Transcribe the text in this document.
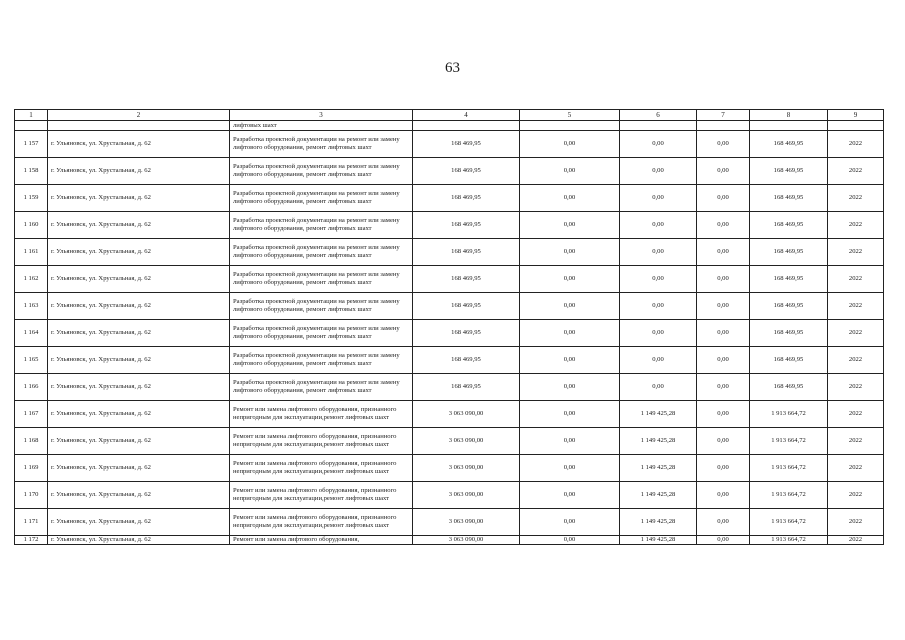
63
1	2	3	4	5	6	7	8	9
		лифтовых шахт						
1 157	г. Ульяновск, ул. Хрустальная, д. 62	Разработка проектной документации на ремонт или замену лифтового оборудования, ремонт лифтовых шахт	168 469,95	0,00	0,00	0,00	168 469,95	2022
1 158	г. Ульяновск, ул. Хрустальная, д. 62	Разработка проектной документации на ремонт или замену лифтового оборудования, ремонт лифтовых шахт	168 469,95	0,00	0,00	0,00	168 469,95	2022
1 159	г. Ульяновск, ул. Хрустальная, д. 62	Разработка проектной документации на ремонт или замену лифтового оборудования, ремонт лифтовых шахт	168 469,95	0,00	0,00	0,00	168 469,95	2022
1 160	г. Ульяновск, ул. Хрустальная, д. 62	Разработка проектной документации на ремонт или замену лифтового оборудования, ремонт лифтовых шахт	168 469,95	0,00	0,00	0,00	168 469,95	2022
1 161	г. Ульяновск, ул. Хрустальная, д. 62	Разработка проектной документации на ремонт или замену лифтового оборудования, ремонт лифтовых шахт	168 469,95	0,00	0,00	0,00	168 469,95	2022
1 162	г. Ульяновск, ул. Хрустальная, д. 62	Разработка проектной документации на ремонт или замену лифтового оборудования, ремонт лифтовых шахт	168 469,95	0,00	0,00	0,00	168 469,95	2022
1 163	г. Ульяновск, ул. Хрустальная, д. 62	Разработка проектной документации на ремонт или замену лифтового оборудования, ремонт лифтовых шахт	168 469,95	0,00	0,00	0,00	168 469,95	2022
1 164	г. Ульяновск, ул. Хрустальная, д. 62	Разработка проектной документации на ремонт или замену лифтового оборудования, ремонт лифтовых шахт	168 469,95	0,00	0,00	0,00	168 469,95	2022
1 165	г. Ульяновск, ул. Хрустальная, д. 62	Разработка проектной документации на ремонт или замену лифтового оборудования, ремонт лифтовых шахт	168 469,95	0,00	0,00	0,00	168 469,95	2022
1 166	г. Ульяновск, ул. Хрустальная, д. 62	Разработка проектной документации на ремонт или замену лифтового оборудования, ремонт лифтовых шахт	168 469,95	0,00	0,00	0,00	168 469,95	2022
1 167	г. Ульяновск, ул. Хрустальная, д. 62	Ремонт или замена лифтового оборудования, признанного непригодным для эксплуатации,ремонт лифтовых шахт	3 063 090,00	0,00	1 149 425,28	0,00	1 913 664,72	2022
1 168	г. Ульяновск, ул. Хрустальная, д. 62	Ремонт или замена лифтового оборудования, признанного непригодным для эксплуатации,ремонт лифтовых шахт	3 063 090,00	0,00	1 149 425,28	0,00	1 913 664,72	2022
1 169	г. Ульяновск, ул. Хрустальная, д. 62	Ремонт или замена лифтового оборудования, признанного непригодным для эксплуатации,ремонт лифтовых шахт	3 063 090,00	0,00	1 149 425,28	0,00	1 913 664,72	2022
1 170	г. Ульяновск, ул. Хрустальная, д. 62	Ремонт или замена лифтового оборудования, признанного непригодным для эксплуатации,ремонт лифтовых шахт	3 063 090,00	0,00	1 149 425,28	0,00	1 913 664,72	2022
1 171	г. Ульяновск, ул. Хрустальная, д. 62	Ремонт или замена лифтового оборудования, признанного непригодным для эксплуатации,ремонт лифтовых шахт	3 063 090,00	0,00	1 149 425,28	0,00	1 913 664,72	2022
1 172	г. Ульяновск, ул. Хрустальная, д. 62	Ремонт или замена лифтового оборудования,	3 063 090,00	0,00	1 149 425,28	0,00	1 913 664,72	2022
